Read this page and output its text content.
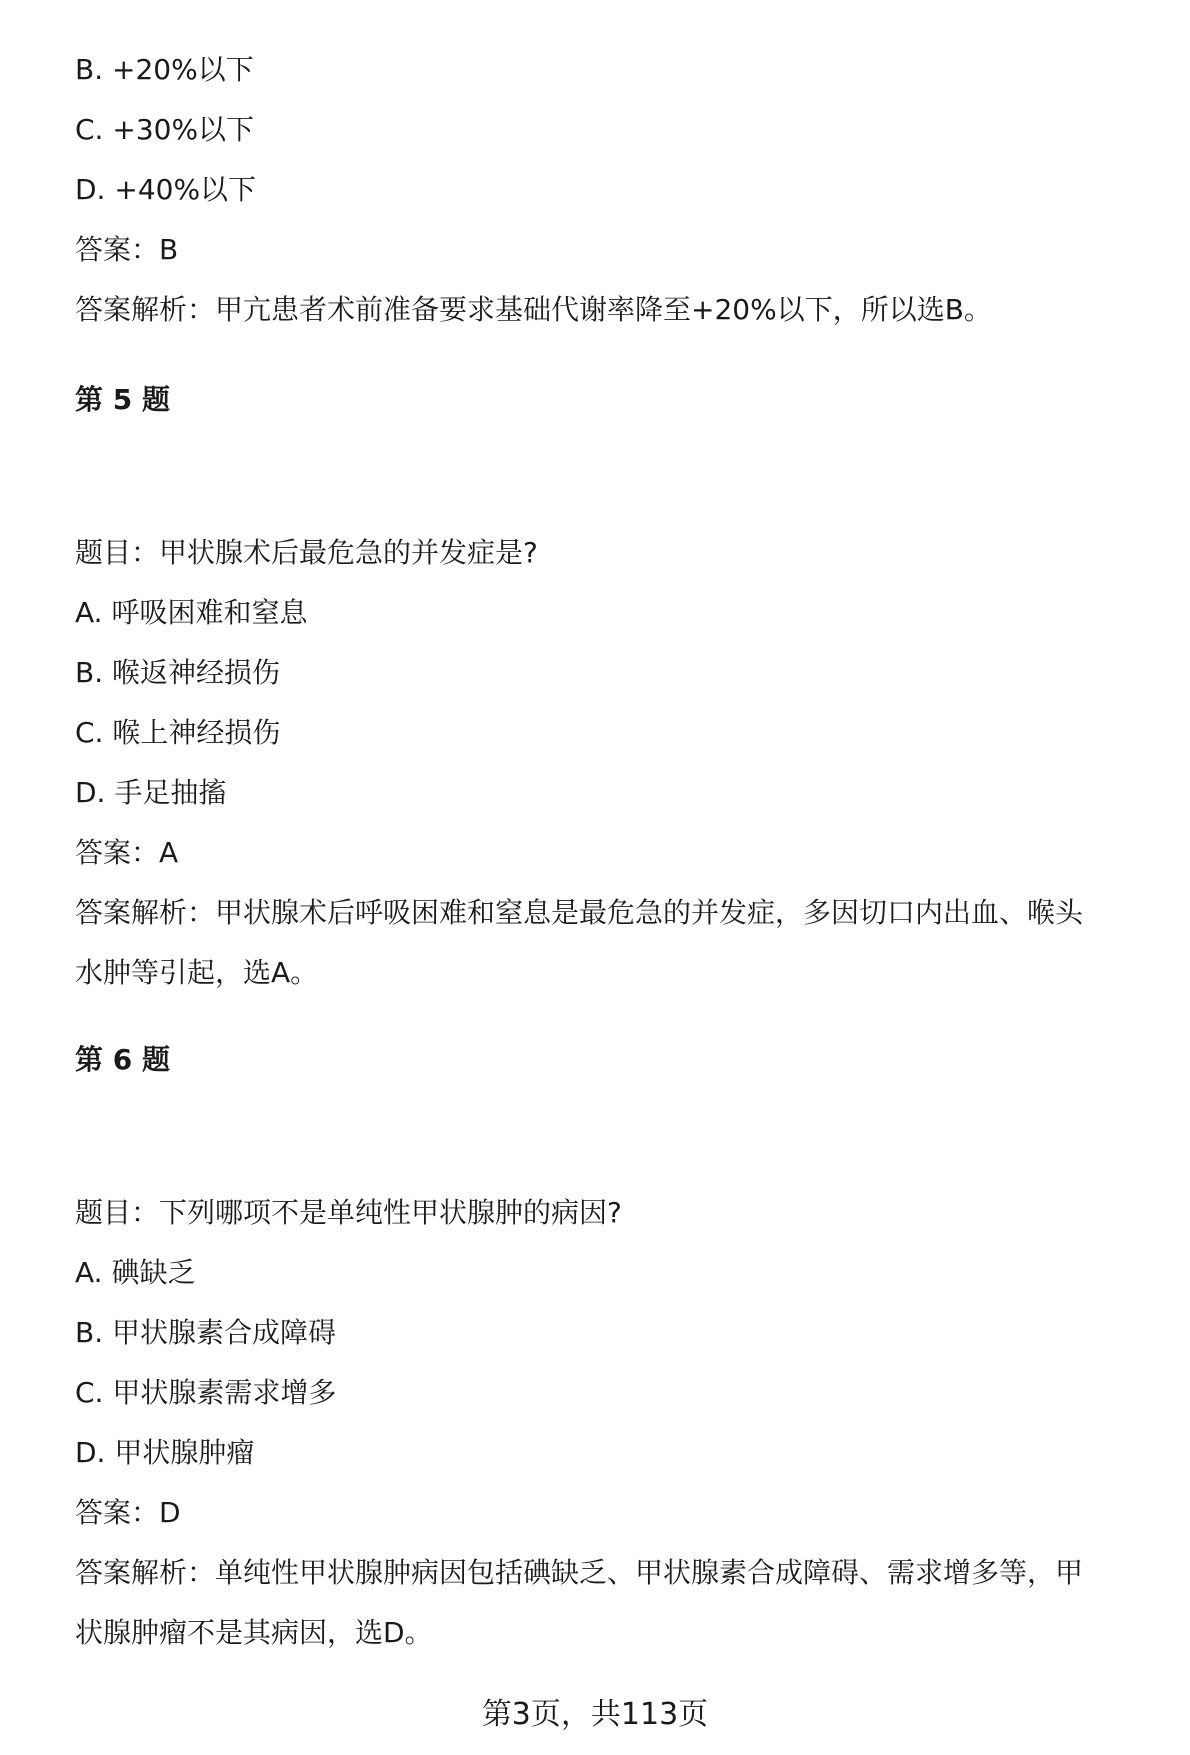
B. +20%以下
C. +30%以下
D. +40%以下
答案：B
答案解析：甲亢患者术前准备要求基础代谢率降至+20%以下，所以选B。
第 5 题
题目：甲状腺术后最危急的并发症是?
A. 呼吸困难和窒息
B. 喉返神经损伤
C. 喉上神经损伤
D. 手足抽搐
答案：A
答案解析：甲状腺术后呼吸困难和窒息是最危急的并发症，多因切口内出血、喉头
水肿等引起，选A。
第 6 题
题目：下列哪项不是单纯性甲状腺肿的病因?
A. 碘缺乏
B. 甲状腺素合成障碍
C. 甲状腺素需求增多
D. 甲状腺肿瘤
答案：D
答案解析：单纯性甲状腺肿病因包括碘缺乏、甲状腺素合成障碍、需求增多等，甲
状腺肿瘤不是其病因，选D。
第3页，共113页
